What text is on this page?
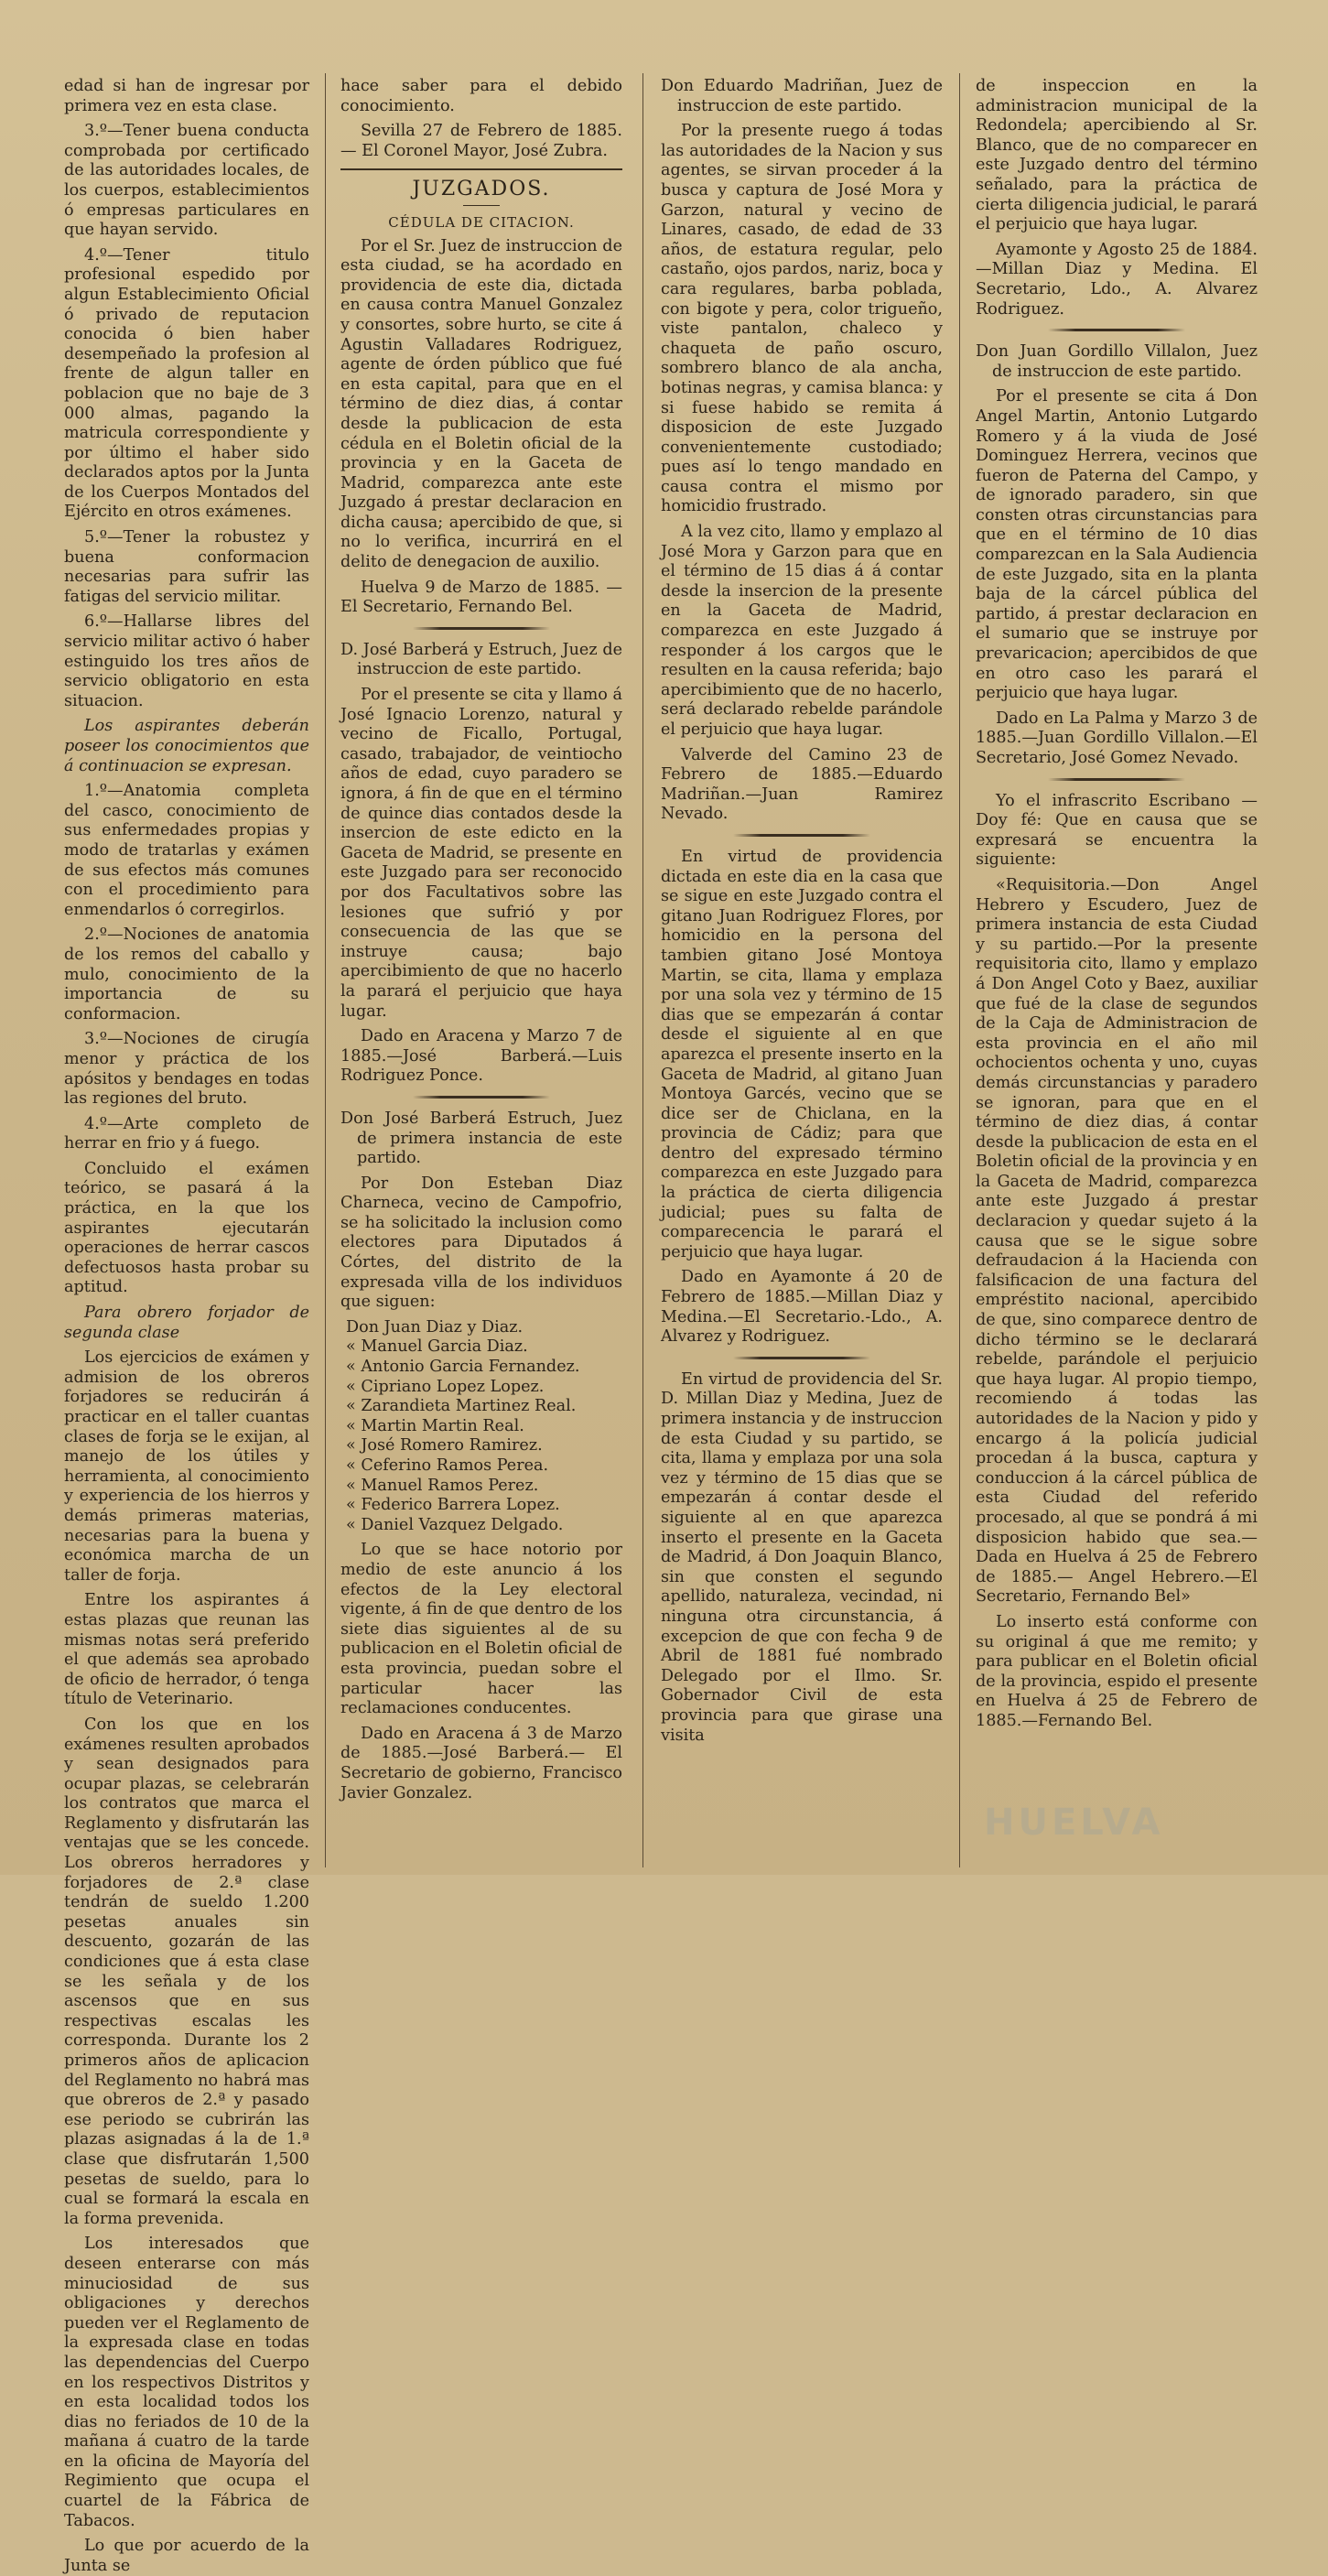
edad si han de ingresar por primera vez en esta clase.

3.º—Tener buena conducta comprobada por certificado de las autoridades locales, de los cuerpos, establecimientos ó empresas particulares en que hayan servido.

4.º—Tener titulo profesional espedido por algun Establecimiento Oficial ó privado de reputacion conocida ó bien haber desempeñado la profesion al frente de algun taller en poblacion que no baje de 3 000 almas, pagando la matricula correspondiente y por último el haber sido declarados aptos por la Junta de los Cuerpos Montados del Ejército en otros exámenes.

5.º—Tener la robustez y buena conformacion necesarias para sufrir las fatigas del servicio militar.

6.º—Hallarse libres del servicio militar activo ó haber estinguido los tres años de servicio obligatorio en esta situacion.

Los aspirantes deberán poseer los conocimientos que á continuacion se expresan.

1.º—Anatomia completa del casco, conocimiento de sus enfermedades propias y modo de tratarlas y exámen de sus efectos más comunes con el procedimiento para enmendarlos ó corregirlos.

2.º—Nociones de anatomia de los remos del caballo y mulo, conocimiento de la importancia de su conformacion.

3.º—Nociones de cirugía menor y práctica de los apósitos y bendages en todas las regiones del bruto.

4.º—Arte completo de herrar en frio y á fuego.

Concluido el exámen teórico, se pasará á la práctica, en la que los aspirantes ejecutarán operaciones de herrar cascos defectuosos hasta probar su aptitud.

Para obrero forjador de segunda clase

Los ejercicios de exámen y admision de los obreros forjadores se reducirán á practicar en el taller cuantas clases de forja se le exijan, al manejo de los útiles y herramienta, al conocimiento y experiencia de los hierros y demás primeras materias, necesarias para la buena y económica marcha de un taller de forja.

Entre los aspirantes á estas plazas que reunan las mismas notas será preferido el que además sea aprobado de oficio de herrador, ó tenga título de Veterinario.

Con los que en los exámenes resulten aprobados y sean designados para ocupar plazas, se celebrarán los contratos que marca el Reglamento y disfrutarán las ventajas que se les concede. Los obreros herradores y forjadores de 2.ª clase tendrán de sueldo 1.200 pesetas anuales sin descuento, gozarán de las condiciones que á esta clase se les señala y de los ascensos que en sus respectivas escalas les corresponda. Durante los 2 primeros años de aplicacion del Reglamento no habrá mas que obreros de 2.ª y pasado ese periodo se cubrirán las plazas asignadas á la de 1.ª clase que disfrutarán 1,500 pesetas de sueldo, para lo cual se formará la escala en la forma prevenida.

Los interesados que deseen enterarse con más minuciosidad de sus obligaciones y derechos pueden ver el Reglamento de la expresada clase en todas las dependencias del Cuerpo en los respectivos Distritos y en esta localidad todos los dias no feriados de 10 de la mañana á cuatro de la tarde en la oficina de Mayoría del Regimiento que ocupa el cuartel de la Fábrica de Tabacos.

Lo que por acuerdo de la Junta se

hace saber para el debido conocimiento.

Sevilla 27 de Febrero de 1885.— El Coronel Mayor, José Zubra.

JUZGADOS.
CÉDULA DE CITACION.

Por el Sr. Juez de instruccion de esta ciudad, se ha acordado en providencia de este dia, dictada en causa contra Manuel Gonzalez y consortes, sobre hurto, se cite á Agustin Valladares Rodriguez, agente de órden público que fué en esta capital, para que en el término de diez dias, á contar desde la publicacion de esta cédula en el Boletin oficial de la provincia y en la Gaceta de Madrid, comparezca ante este Juzgado á prestar declaracion en dicha causa; apercibido de que, si no lo verifica, incurrirá en el delito de denegacion de auxilio.

Huelva 9 de Marzo de 1885. —El Secretario, Fernando Bel.

D. José Barberá y Estruch, Juez de instruccion de este partido.

Por el presente se cita y llamo á José Ignacio Lorenzo, natural y vecino de Ficallo, Portugal, casado, trabajador, de veintiocho años de edad, cuyo paradero se ignora, á fin de que en el término de quince dias contados desde la insercion de este edicto en la Gaceta de Madrid, se presente en este Juzgado para ser reconocido por dos Facultativos sobre las lesiones que sufrió y por consecuencia de las que se instruye causa; bajo apercibimiento de que no hacerlo la parará el perjuicio que haya lugar.

Dado en Aracena y Marzo 7 de 1885.—José Barberá.—Luis Rodriguez Ponce.

Don José Barberá Estruch, Juez de primera instancia de este partido.

Por Don Esteban Diaz Charneca, vecino de Campofrio, se ha solicitado la inclusion como electores para Diputados á Córtes, del distrito de la expresada villa de los individuos que siguen:

Don Juan Diaz y Diaz.
« Manuel Garcia Diaz.
« Antonio Garcia Fernandez.
« Cipriano Lopez Lopez.
« Zarandieta Martinez Real.
« Martin Martin Real.
« José Romero Ramirez.
« Ceferino Ramos Perea.
« Manuel Ramos Perez.
« Federico Barrera Lopez.
« Daniel Vazquez Delgado.

Lo que se hace notorio por medio de este anuncio á los efectos de la Ley electoral vigente, á fin de que dentro de los siete dias siguientes al de su publicacion en el Boletin oficial de esta provincia, puedan sobre el particular hacer las reclamaciones conducentes.

Dado en Aracena á 3 de Marzo de 1885.—José Barberá.— El Secretario de gobierno, Francisco Javier Gonzalez.

Don Eduardo Madriñan, Juez de instruccion de este partido.

Por la presente ruego á todas las autoridades de la Nacion y sus agentes, se sirvan proceder á la busca y captura de José Mora y Garzon, natural y vecino de Linares, casado, de edad de 33 años, de estatura regular, pelo castaño, ojos pardos, nariz, boca y cara regulares, barba poblada, con bigote y pera, color trigueño, viste pantalon, chaleco y chaqueta de paño oscuro, sombrero blanco de ala ancha, botinas negras, y camisa blanca: y si fuese habido se remita á disposicion de este Juzgado convenientemente custodiado; pues así lo tengo mandado en causa contra el mismo por homicidio frustrado.

A la vez cito, llamo y emplazo al José Mora y Garzon para que en el término de 15 dias á á contar desde la insercion de la presente en la Gaceta de Madrid, comparezca en este Juzgado á responder á los cargos que le resulten en la causa referida; bajo apercibimiento que de no hacerlo, será declarado rebelde parándole el perjuicio que haya lugar.

Valverde del Camino 23 de Febrero de 1885.—Eduardo Madriñan.—Juan Ramirez Nevado.

En virtud de providencia dictada en este dia en la casa que se sigue en este Juzgado contra el gitano Juan Rodriguez Flores, por homicidio en la persona del tambien gitano José Montoya Martin, se cita, llama y emplaza por una sola vez y término de 15 dias que se empezarán á contar desde el siguiente al en que aparezca el presente inserto en la Gaceta de Madrid, al gitano Juan Montoya Garcés, vecino que se dice ser de Chiclana, en la provincia de Cádiz; para que dentro del expresado término comparezca en este Juzgado para la práctica de cierta diligencia judicial; pues su falta de comparecencia le parará el perjuicio que haya lugar.

Dado en Ayamonte á 20 de Febrero de 1885.—Millan Diaz y Medina.—El Secretario.-Ldo., A. Alvarez y Rodriguez.

En virtud de providencia del Sr. D. Millan Diaz y Medina, Juez de primera instancia y de instruccion de esta Ciudad y su partido, se cita, llama y emplaza por una sola vez y término de 15 dias que se empezarán á contar desde el siguiente al en que aparezca inserto el presente en la Gaceta de Madrid, á Don Joaquin Blanco, sin que consten el segundo apellido, naturaleza, vecindad, ni ninguna otra circunstancia, á excepcion de que con fecha 9 de Abril de 1881 fué nombrado Delegado por el Ilmo. Sr. Gobernador Civil de esta provincia para que girase una visita

de inspeccion en la administracion municipal de la Redondela; apercibiendo al Sr. Blanco, que de no comparecer en este Juzgado dentro del término señalado, para la práctica de cierta diligencia judicial, le parará el perjuicio que haya lugar.

Ayamonte y Agosto 25 de 1884.—Millan Diaz y Medina. El Secretario, Ldo., A. Alvarez Rodriguez.

Don Juan Gordillo Villalon, Juez de instruccion de este partido.

Por el presente se cita á Don Angel Martin, Antonio Lutgardo Romero y á la viuda de José Dominguez Herrera, vecinos que fueron de Paterna del Campo, y de ignorado paradero, sin que consten otras circunstancias para que en el término de 10 dias comparezcan en la Sala Audiencia de este Juzgado, sita en la planta baja de la cárcel pública del partido, á prestar declaracion en el sumario que se instruye por prevaricacion; apercibidos de que en otro caso les parará el perjuicio que haya lugar.

Dado en La Palma y Marzo 3 de 1885.—Juan Gordillo Villalon.—El Secretario, José Gomez Nevado.

Yo el infrascrito Escribano — Doy fé: Que en causa que se expresará se encuentra la siguiente:

«Requisitoria.—Don Angel Hebrero y Escudero, Juez de primera instancia de esta Ciudad y su partido.—Por la presente requisitoria cito, llamo y emplazo á Don Angel Coto y Baez, auxiliar que fué de la clase de segundos de la Caja de Administracion de esta provincia en el año mil ochocientos ochenta y uno, cuyas demás circunstancias y paradero se ignoran, para que en el término de diez dias, á contar desde la publicacion de esta en el Boletin oficial de la provincia y en la Gaceta de Madrid, comparezca ante este Juzgado á prestar declaracion y quedar sujeto á la causa que se le sigue sobre defraudacion á la Hacienda con falsificacion de una factura del empréstito nacional, apercibido de que, sino comparece dentro de dicho término se le declarará rebelde, parándole el perjuicio que haya lugar. Al propio tiempo, recomiendo á todas las autoridades de la Nacion y pido y encargo á la policía judicial procedan á la busca, captura y conduccion á la cárcel pública de esta Ciudad del referido procesado, al que se pondrá á mi disposicion habido que sea.—Dada en Huelva á 25 de Febrero de 1885.— Angel Hebrero.—El Secretario, Fernando Bel»

Lo inserto está conforme con su original á que me remito; y para publicar en el Boletin oficial de la provincia, espido el presente en Huelva á 25 de Febrero de 1885.—Fernando Bel.

HUELVA
